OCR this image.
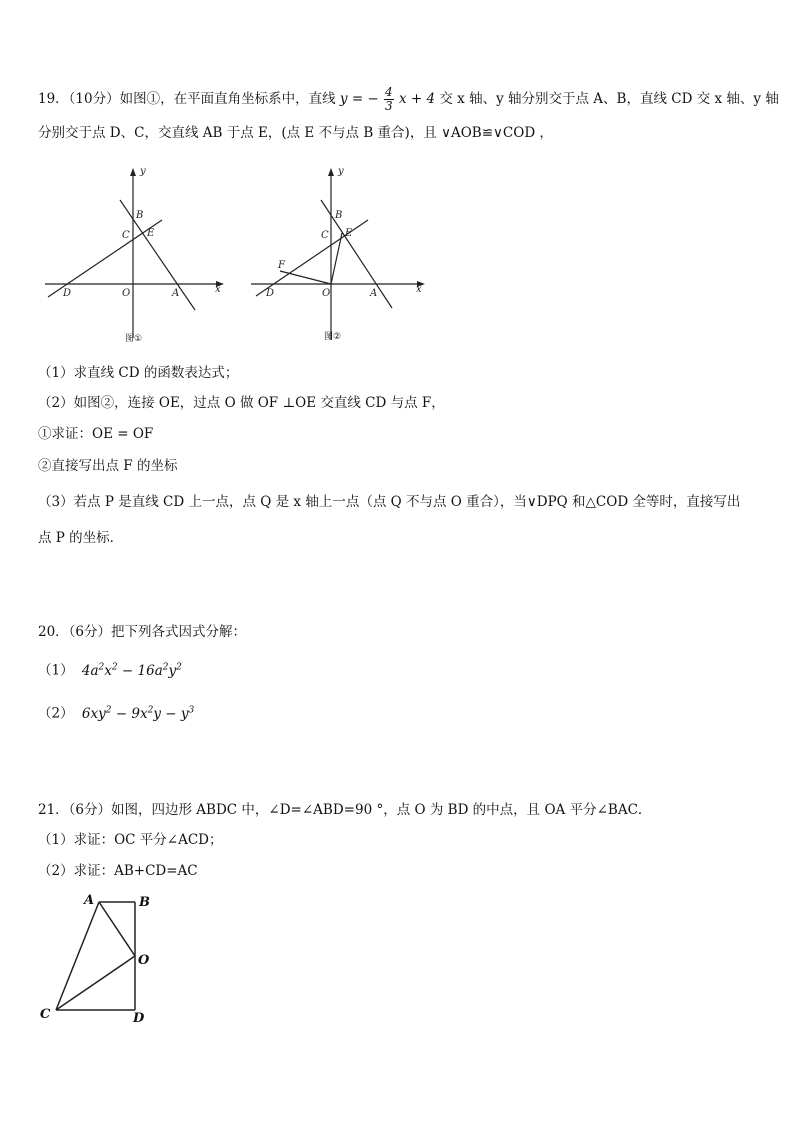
19．（10分）如图①，在平面直角坐标系中，直线 y = − $\frac{4}{3}$ x + 4 交 x 轴、y 轴分别交于点 A、B，直线 CD 交 x 轴、y 轴
分别交于点 D、C，交直线 AB 于点 E，(点 E 不与点 B 重合)，且 ∨AOB≌∨COD ，
y
x
B
C E
D	O	A
图①
y
x
B
C E
F
D	O	A
图②
（1）求直线 CD 的函数表达式；
（2）如图②，连接 OE，过点 O 做 OF ⊥OE 交直线 CD 与点 F，
①求证：OE = OF
②直接写出点 F 的坐标
（3）若点 P 是直线 CD 上一点，点 Q 是 x 轴上一点（点 Q 不与点 O 重合），当∨DPQ 和△COD 全等时，直接写出
点 P 的坐标．
20．（6分）把下列各式因式分解：
（1） $4a^2x^2 - 16a^2y^2$
（2） $6xy^2 - 9x^2y - y^3$
21．（6分）如图，四边形 ABDC 中，∠D=∠ABD=90 °，点 O 为 BD 的中点，且 OA 平分∠BAC．
（1）求证：OC 平分∠ACD；
（2）求证：AB+CD=AC
A	B
O
C	D
